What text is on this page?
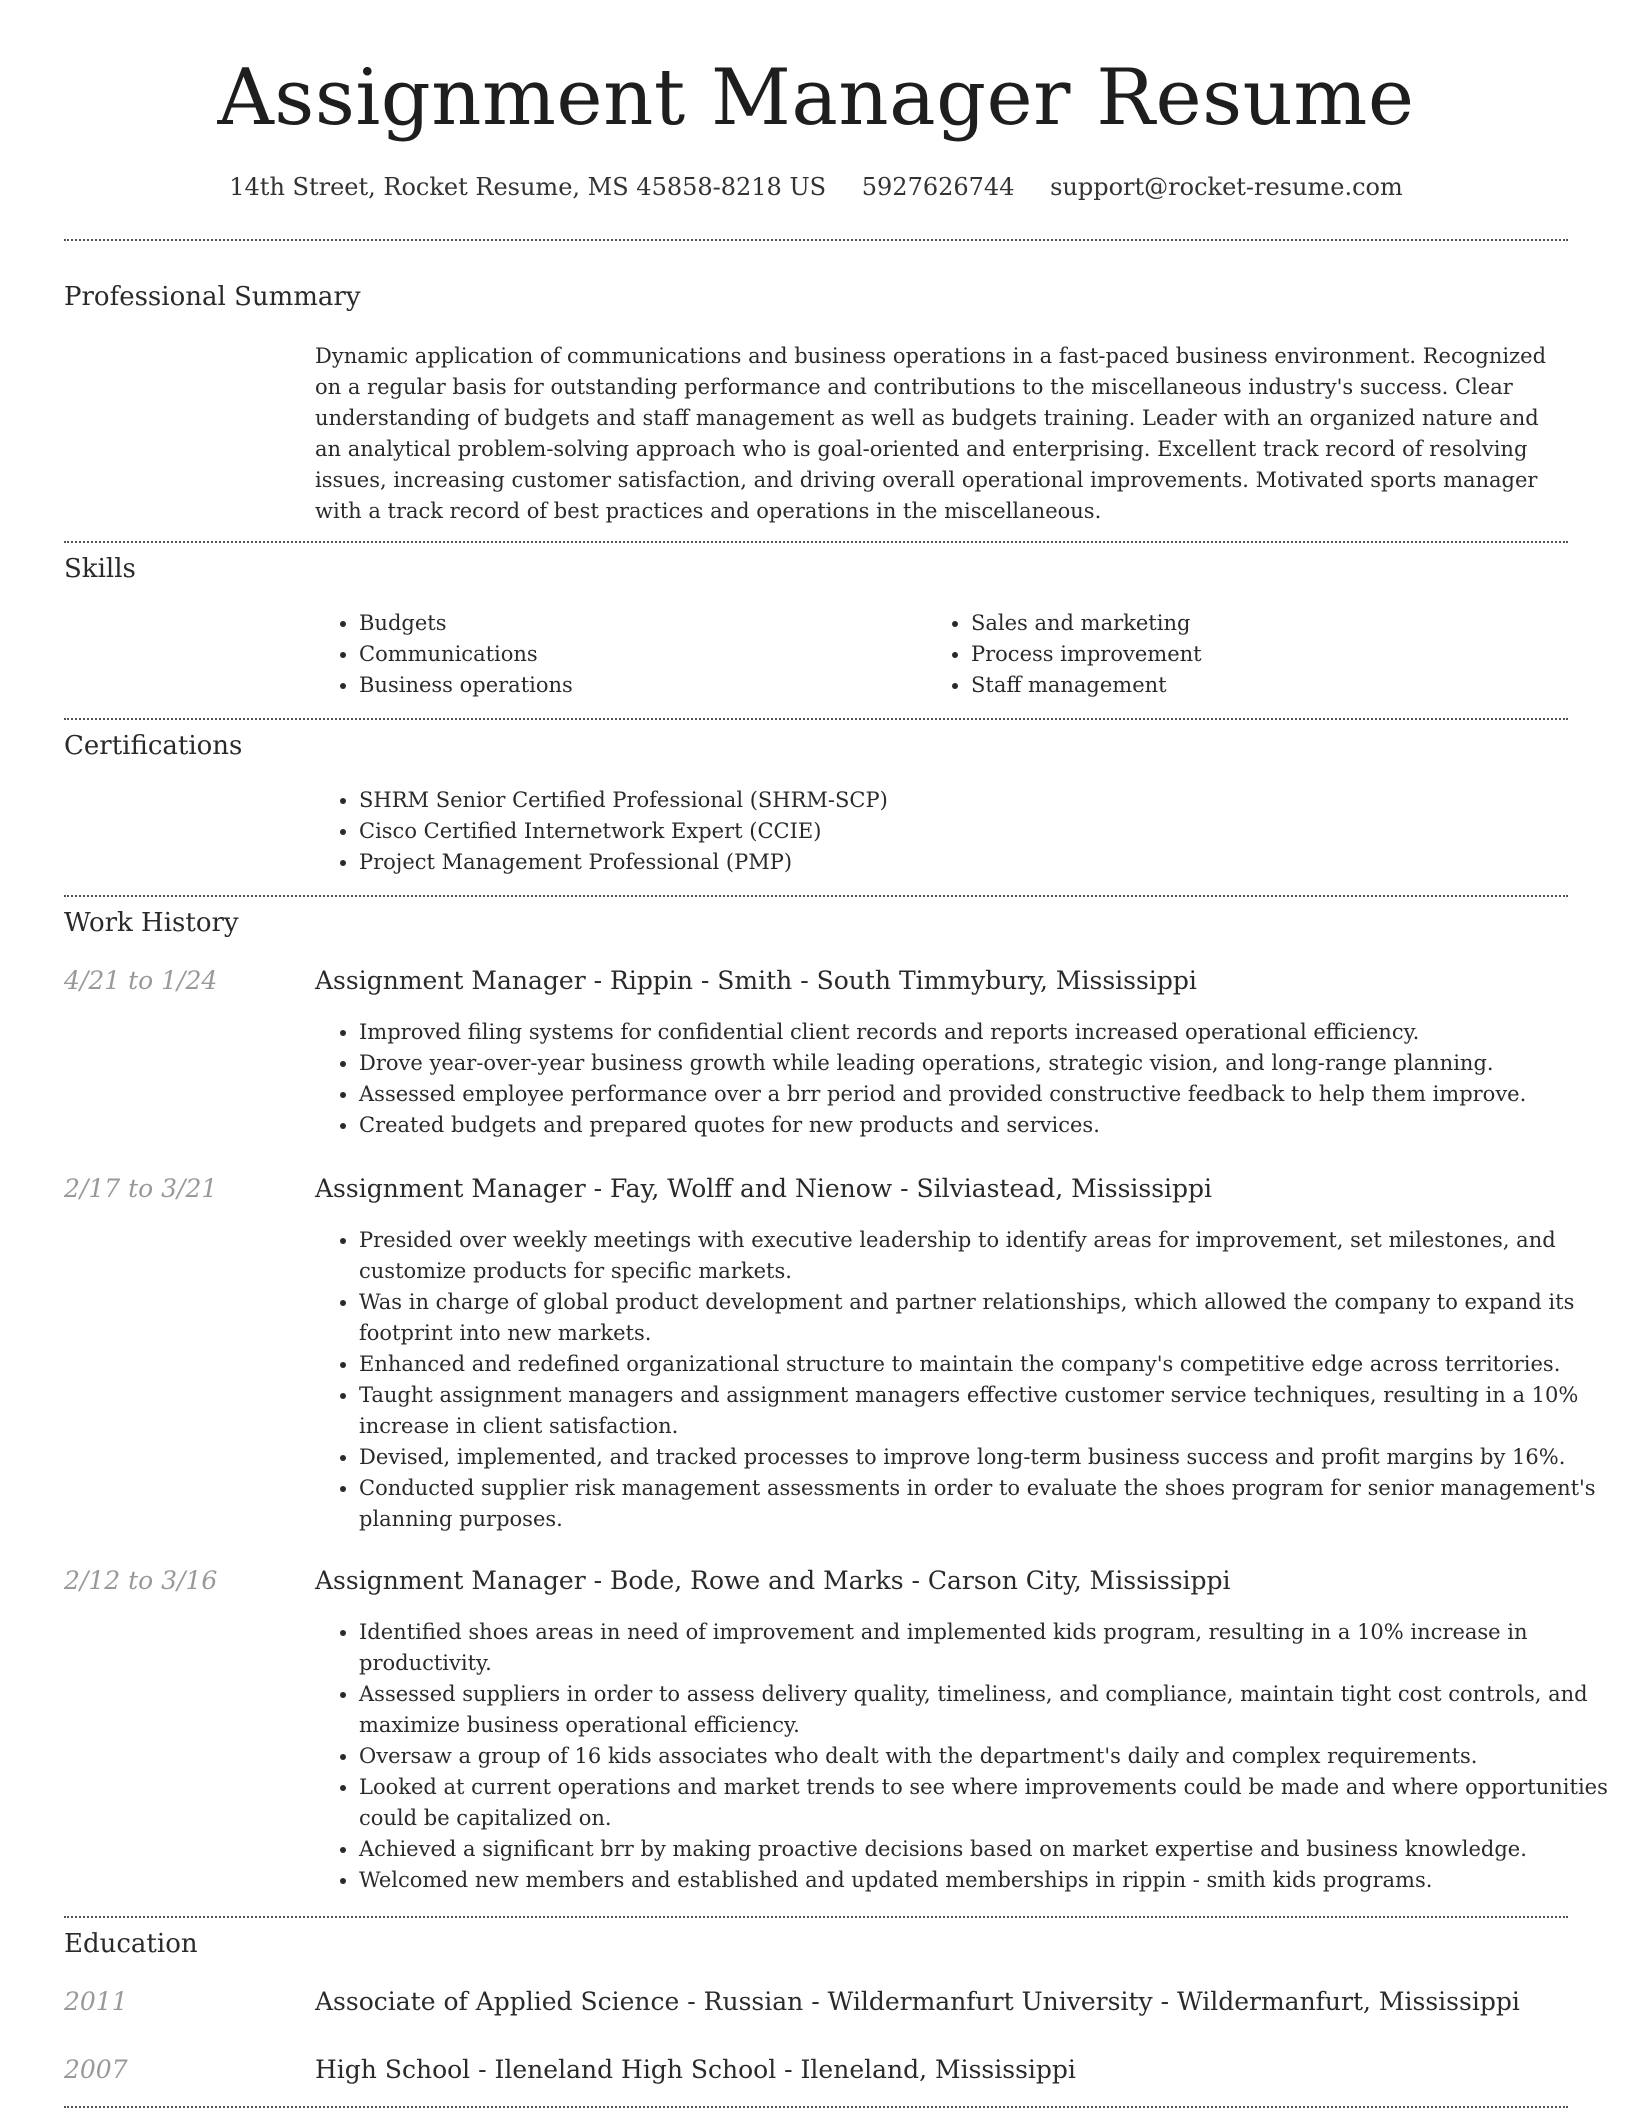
Assignment Manager Resume
14th Street, Rocket Resume, MS 45858-8218 US 5927626744 support@rocket-resume.com
Professional Summary

Dynamic application of communications and business operations in a fast-paced business environment. Recognized on a regular basis for outstanding performance and contributions to the miscellaneous industry's success. Clear understanding of budgets and staff management as well as budgets training. Leader with an organized nature and an analytical problem-solving approach who is goal-oriented and enterprising. Excellent track record of resolving issues, increasing customer satisfaction, and driving overall operational improvements. Motivated sports manager with a track record of best practices and operations in the miscellaneous.

Skills
• Budgets
• Communications
• Business operations
• Sales and marketing
• Process improvement
• Staff management
Certifications
• SHRM Senior Certified Professional (SHRM-SCP)
• Cisco Certified Internetwork Expert (CCIE)
• Project Management Professional (PMP)
Work History
4/21 to 1/24	Assignment Manager - Rippin - Smith - South Timmybury, Mississippi
• Improved filing systems for confidential client records and reports increased operational efficiency.
• Drove year-over-year business growth while leading operations, strategic vision, and long-range planning.
• Assessed employee performance over a brr period and provided constructive feedback to help them improve.
• Created budgets and prepared quotes for new products and services.
2/17 to 3/21	Assignment Manager - Fay, Wolff and Nienow - Silviastead, Mississippi
• Presided over weekly meetings with executive leadership to identify areas for improvement, set milestones, and customize products for specific markets.
• Was in charge of global product development and partner relationships, which allowed the company to expand its footprint into new markets.
• Enhanced and redefined organizational structure to maintain the company's competitive edge across territories.
• Taught assignment managers and assignment managers effective customer service techniques, resulting in a 10% increase in client satisfaction.
• Devised, implemented, and tracked processes to improve long-term business success and profit margins by 16%.
• Conducted supplier risk management assessments in order to evaluate the shoes program for senior management's planning purposes.
2/12 to 3/16	Assignment Manager - Bode, Rowe and Marks - Carson City, Mississippi
• Identified shoes areas in need of improvement and implemented kids program, resulting in a 10% increase in productivity.
• Assessed suppliers in order to assess delivery quality, timeliness, and compliance, maintain tight cost controls, and maximize business operational efficiency.
• Oversaw a group of 16 kids associates who dealt with the department's daily and complex requirements.
• Looked at current operations and market trends to see where improvements could be made and where opportunities could be capitalized on.
• Achieved a significant brr by making proactive decisions based on market expertise and business knowledge.
• Welcomed new members and established and updated memberships in rippin - smith kids programs.
Education
2011	Associate of Applied Science - Russian - Wildermanfurt University - Wildermanfurt, Mississippi
2007	High School - Ileneland High School - Ileneland, Mississippi
